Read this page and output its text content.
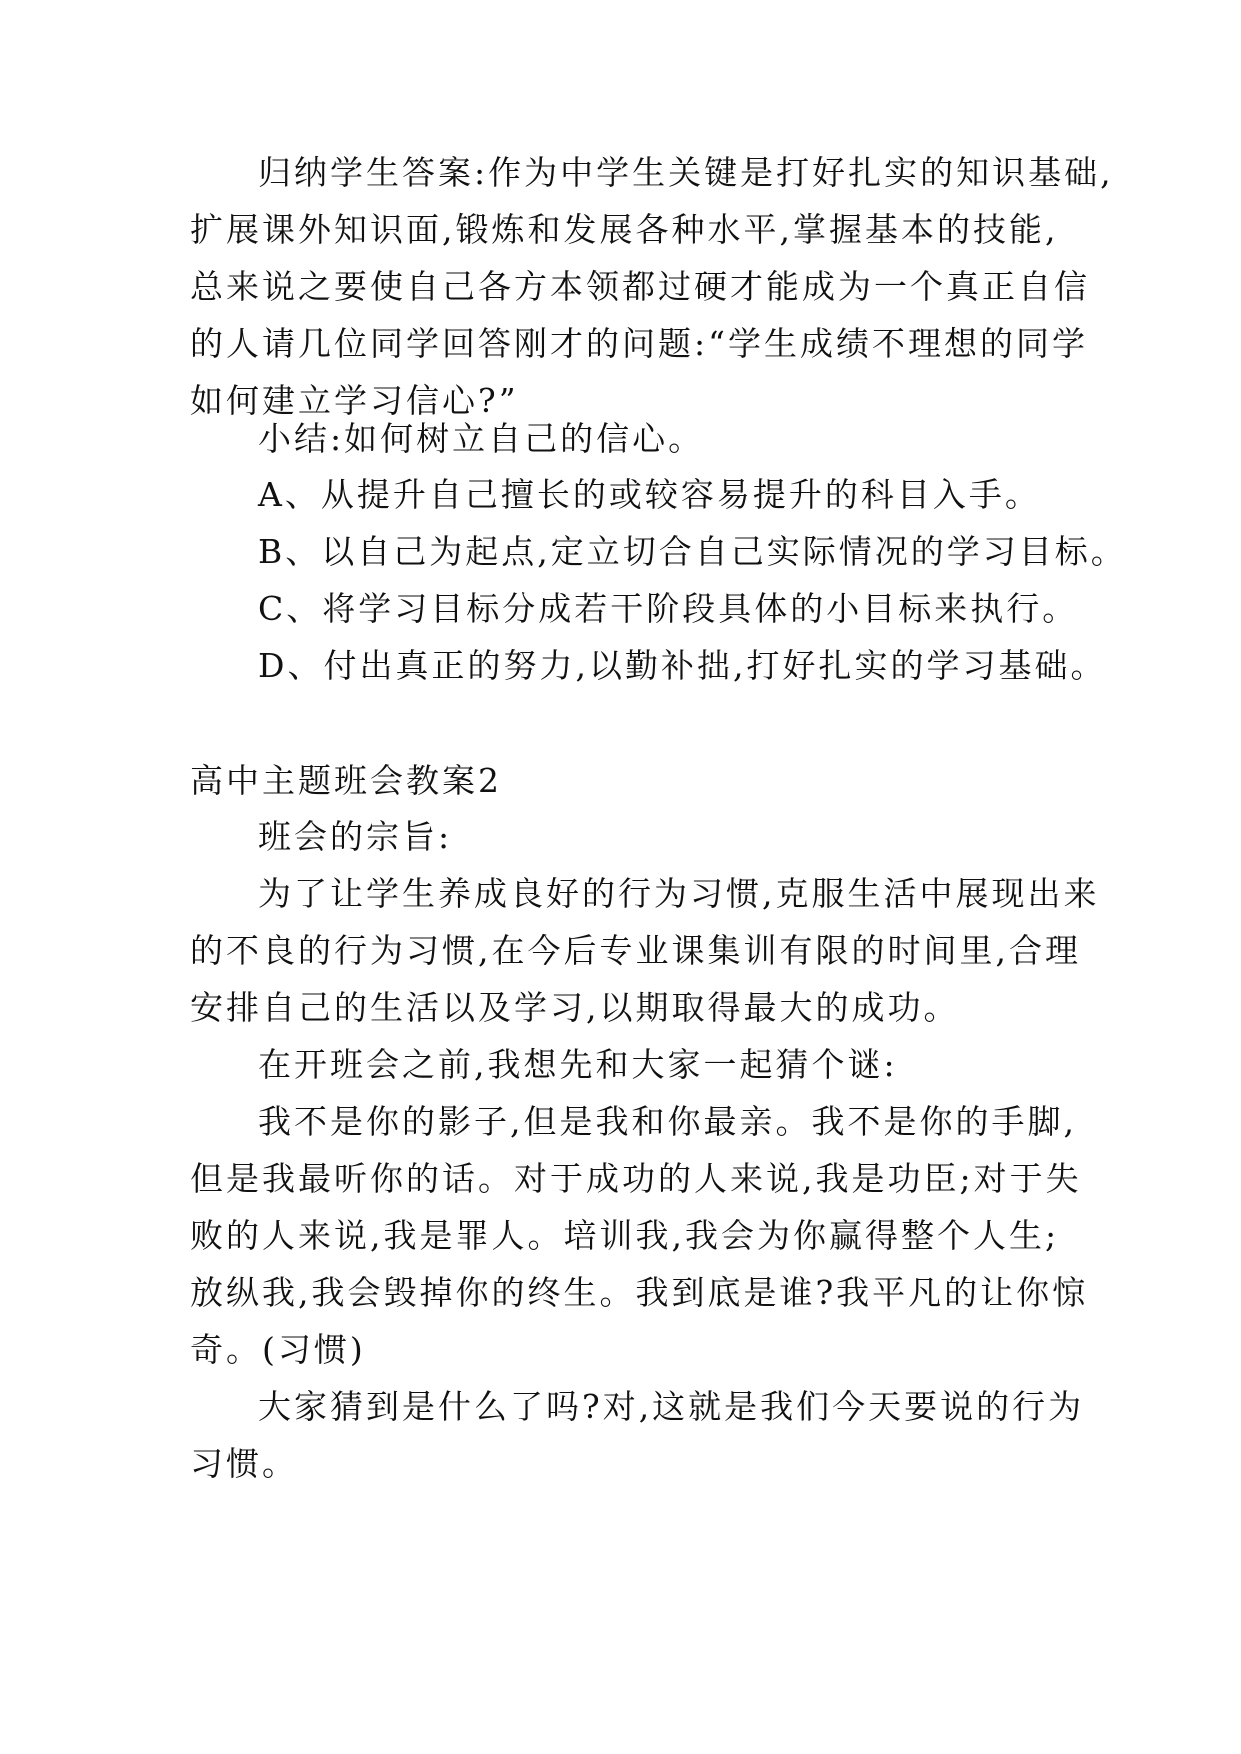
归纳学生答案:作为中学生关键是打好扎实的知识基础,
扩展课外知识面,锻炼和发展各种水平,掌握基本的技能,
总来说之要使自己各方本领都过硬才能成为一个真正自信
的人请几位同学回答刚才的问题:“学生成绩不理想的同学
如何建立学习信心?”
小结:如何树立自己的信心。
A、从提升自己擅长的或较容易提升的科目入手。
B、以自己为起点,定立切合自己实际情况的学习目标。
C、将学习目标分成若干阶段具体的小目标来执行。
D、付出真正的努力,以勤补拙,打好扎实的学习基础。
高中主题班会教案2
班会的宗旨:
为了让学生养成良好的行为习惯,克服生活中展现出来
的不良的行为习惯,在今后专业课集训有限的时间里,合理
安排自己的生活以及学习,以期取得最大的成功。
在开班会之前,我想先和大家一起猜个谜:
我不是你的影子,但是我和你最亲。我不是你的手脚,
但是我最听你的话。对于成功的人来说,我是功臣;对于失
败的人来说,我是罪人。培训我,我会为你赢得整个人生;
放纵我,我会毁掉你的终生。我到底是谁?我平凡的让你惊
奇。(习惯)
大家猜到是什么了吗?对,这就是我们今天要说的行为
习惯。
